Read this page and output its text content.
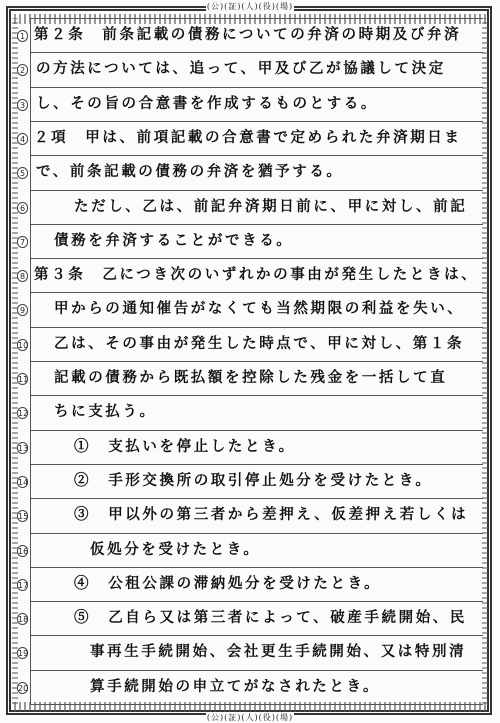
(公)(証)(人)(役)(場)
(公)(証)(人)(役)(場)
1
2
3
4
5
6
7
8
9
10
11
12
13
14
15
16
17
18
19
20
第２条　前条記載の債務についての弁済の時期及び弁済
の方法については、追って、甲及び乙が協議して決定
し、その旨の合意書を作成するものとする。
２項　甲は、前項記載の合意書で定められた弁済期日ま
で、前条記載の債務の弁済を猶予する。
ただし、乙は、前記弁済期日前に、甲に対し、前記
債務を弁済することができる。
第３条　乙につき次のいずれかの事由が発生したときは、
甲からの通知催告がなくても当然期限の利益を失い、
乙は、その事由が発生した時点で、甲に対し、第１条
記載の債務から既払額を控除した残金を一括して直
ちに支払う。
①　支払いを停止したとき。
②　手形交換所の取引停止処分を受けたとき。
③　甲以外の第三者から差押え、仮差押え若しくは
仮処分を受けたとき。
④　公租公課の滞納処分を受けたとき。
⑤　乙自ら又は第三者によって、破産手続開始、民
事再生手続開始、会社更生手続開始、又は特別清
算手続開始の申立てがなされたとき。
